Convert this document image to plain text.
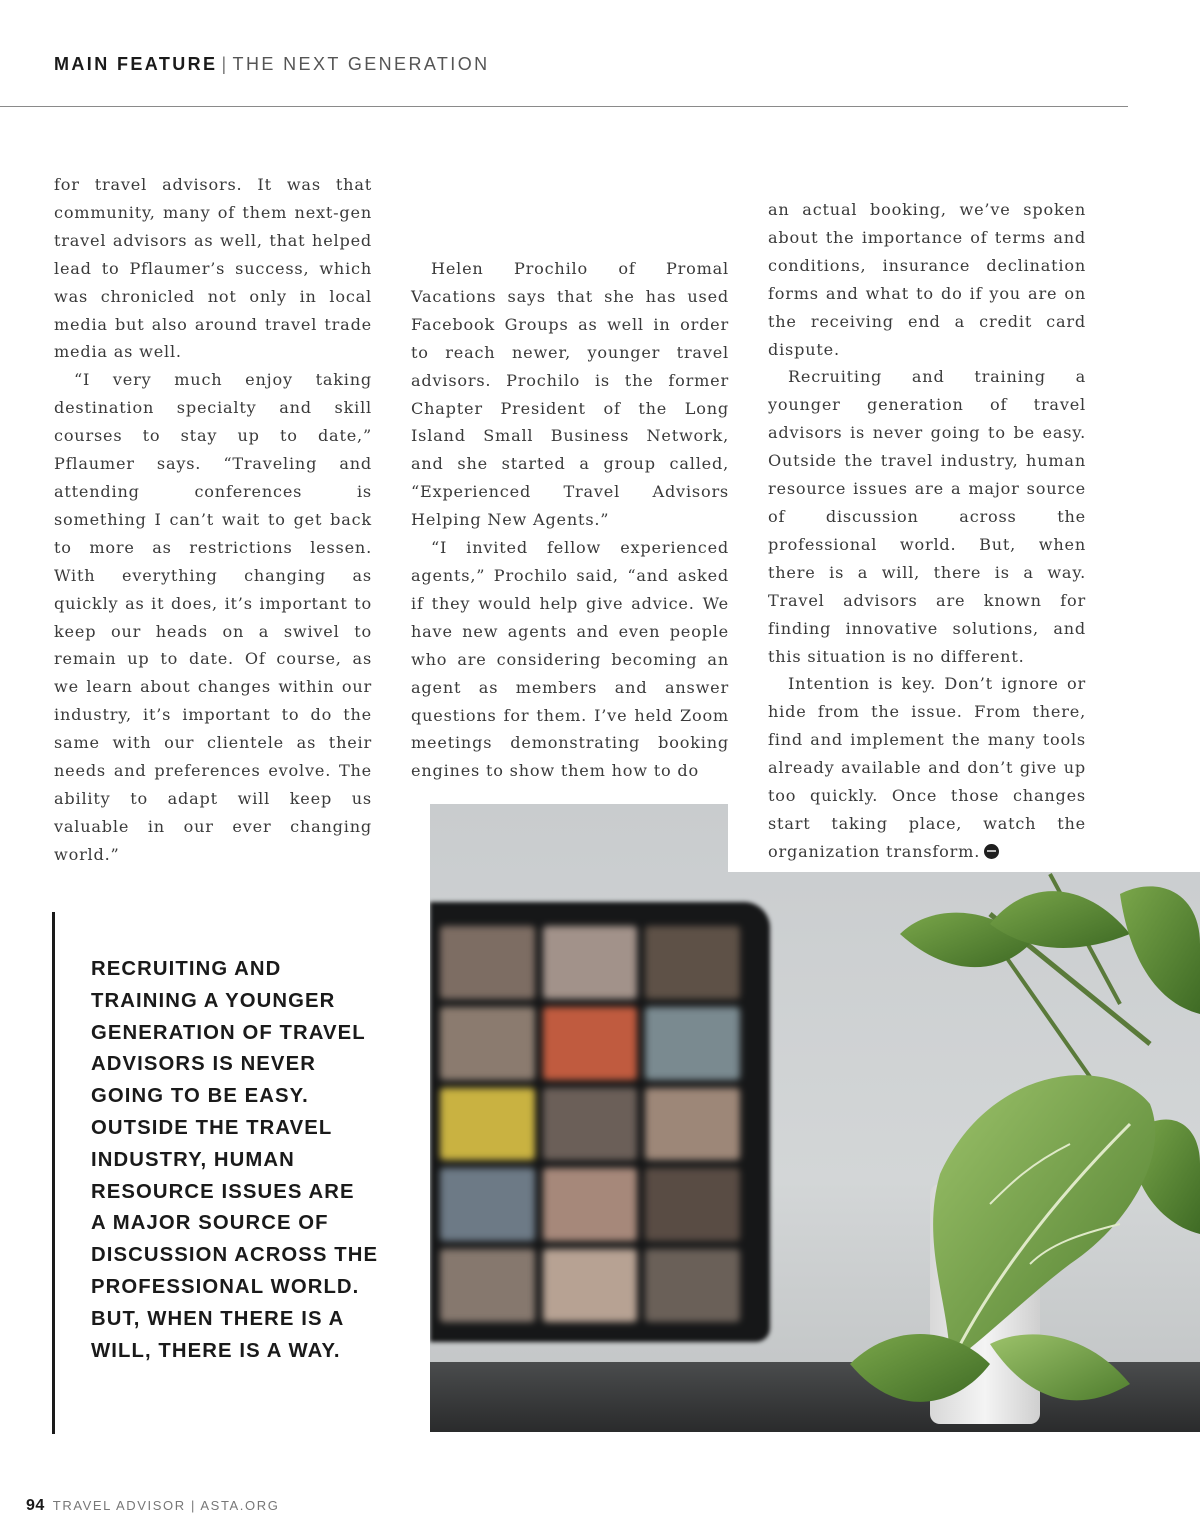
MAIN FEATURE | THE NEXT GENERATION

for travel advisors. It was that community, many of them next-gen travel advisors as well, that helped lead to Pflaumer’s success, which was chronicled not only in local media but also around travel trade media as well.

“I very much enjoy taking destination specialty and skill courses to stay up to date,” Pflaumer says. “Traveling and attending conferences is something I can’t wait to get back to more as restrictions lessen. With everything changing as quickly as it does, it’s important to keep our heads on a swivel to remain up to date. Of course, as we learn about changes within our industry, it’s important to do the same with our clientele as their needs and preferences evolve. The ability to adapt will keep us valuable in our ever changing world.”

Helen Prochilo of Promal Vacations says that she has used Facebook Groups as well in order to reach newer, younger travel advisors. Prochilo is the former Chapter President of the Long Island Small Business Network, and she started a group called, “Experienced Travel Advisors Helping New Agents.”

“I invited fellow experienced agents,” Prochilo said, “and asked if they would help give advice. We have new agents and even people who are considering becoming an agent as members and answer questions for them. I’ve held Zoom meetings demonstrating booking engines to show them how to do

an actual booking, we’ve spoken about the importance of terms and conditions, insurance declination forms and what to do if you are on the receiving end a credit card dispute.

Recruiting and training a younger generation of travel advisors is never going to be easy. Outside the travel industry, human resource issues are a major source of discussion across the professional world. But, when there is a will, there is a way. Travel advisors are known for finding innovative solutions, and this situation is no different.

Intention is key. Don’t ignore or hide from the issue. From there, find and implement the many tools already available and don’t give up too quickly. Once those changes start taking place, watch the organization transform.

RECRUITING AND
TRAINING A YOUNGER
GENERATION OF TRAVEL
ADVISORS IS NEVER
GOING TO BE EASY.
OUTSIDE THE TRAVEL
INDUSTRY, HUMAN
RESOURCE ISSUES ARE
A MAJOR SOURCE OF
DISCUSSION ACROSS THE
PROFESSIONAL WORLD.
BUT, WHEN THERE IS A
WILL, THERE IS A WAY.
94 TRAVEL ADVISOR | ASTA.ORG
